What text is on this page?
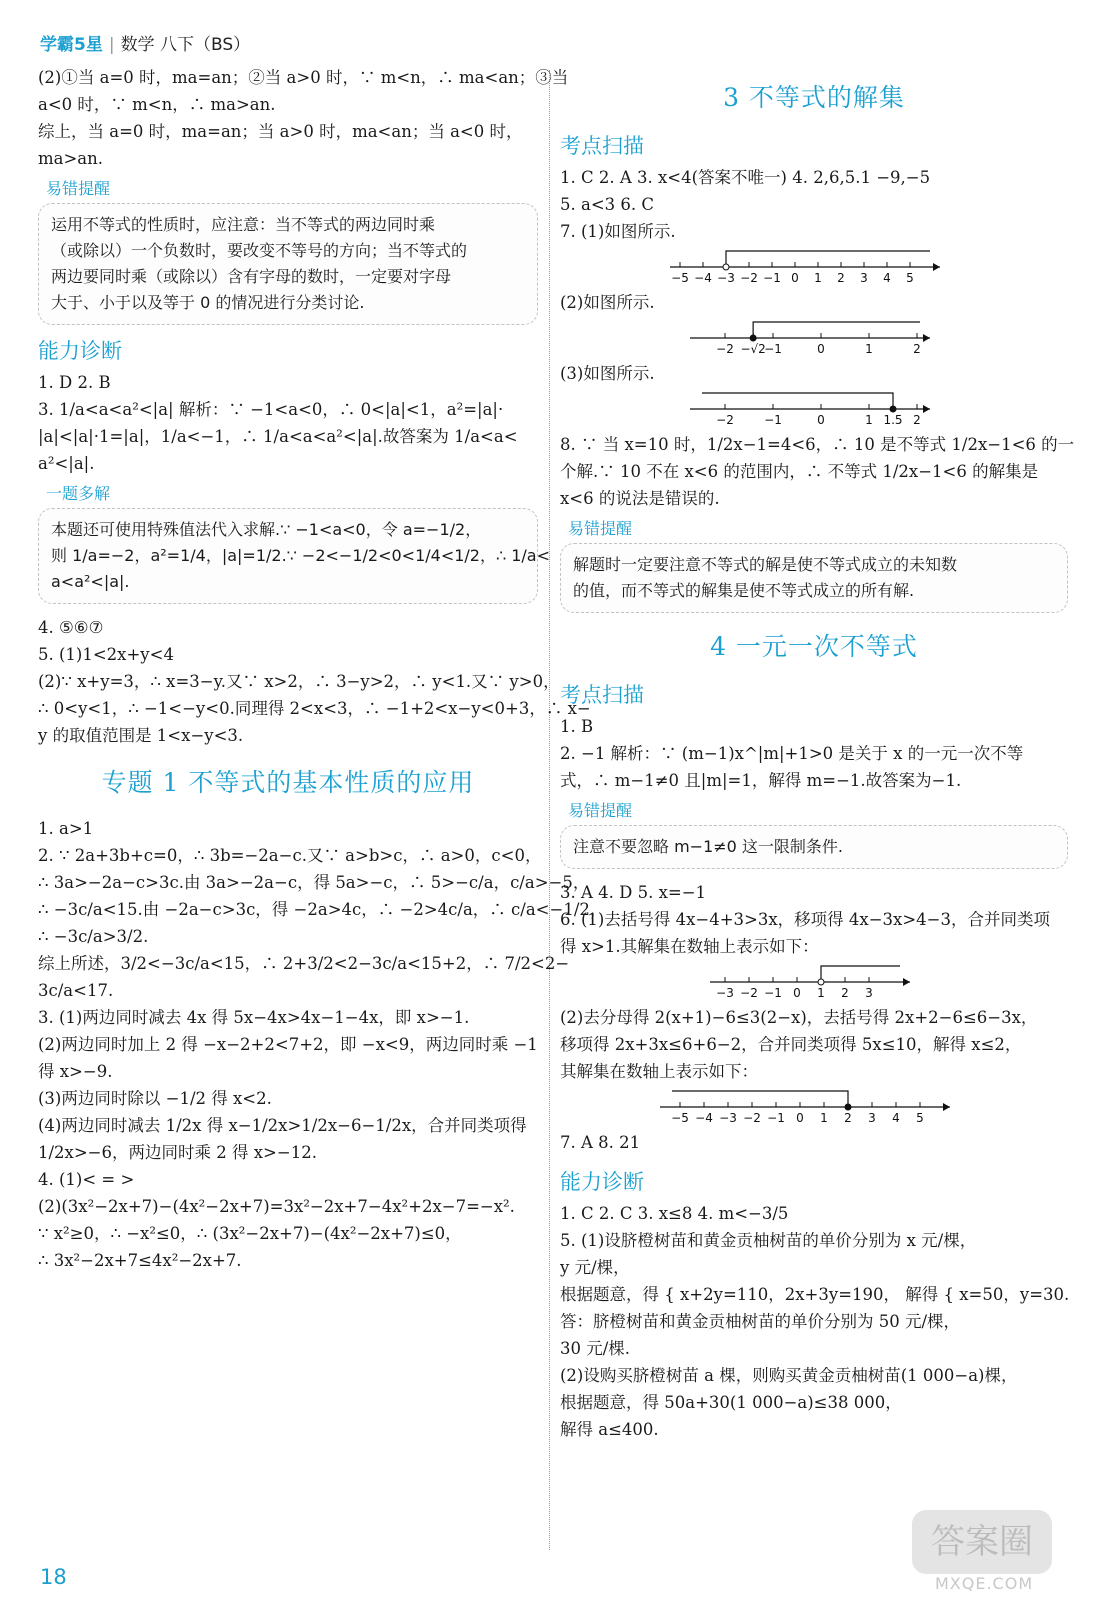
学霸5星 | 数学 八下（BS）
(2)①当 a=0 时，ma=an；②当 a>0 时，∵ m<n，∴ ma<an；③当
a<0 时，∵ m<n，∴ ma>an.
综上，当 a=0 时，ma=an；当 a>0 时，ma<an；当 a<0 时，
ma>an.
易错提醒
运用不等式的性质时，应注意：当不等式的两边同时乘
（或除以）一个负数时，要改变不等号的方向；当不等式的
两边要同时乘（或除以）含有字母的数时，一定要对字母
大于、小于以及等于 0 的情况进行分类讨论.
能力诊断
1. D 2. B
3. 1/a<a<a²<|a| 解析：∵ −1<a<0，∴ 0<|a|<1，a²=|a|·
|a|<|a|·1=|a|，1/a<−1，∴ 1/a<a<a²<|a|.故答案为 1/a<a<
a²<|a|.
一题多解
本题还可使用特殊值法代入求解.∵ −1<a<0，令 a=−1/2，
则 1/a=−2，a²=1/4，|a|=1/2.∵ −2<−1/2<0<1/4<1/2，∴ 1/a<
a<a²<|a|.
4. ⑤⑥⑦
5. (1)1<2x+y<4
(2)∵ x+y=3，∴ x=3−y.又∵ x>2，∴ 3−y>2，∴ y<1.又∵ y>0，
∴ 0<y<1，∴ −1<−y<0.同理得 2<x<3，∴ −1+2<x−y<0+3，∴ x−
y 的取值范围是 1<x−y<3.
专题 1 不等式的基本性质的应用
1. a>1
2. ∵ 2a+3b+c=0，∴ 3b=−2a−c.又∵ a>b>c，∴ a>0，c<0，
∴ 3a>−2a−c>3c.由 3a>−2a−c，得 5a>−c，∴ 5>−c/a，c/a>−5，
∴ −3c/a<15.由 −2a−c>3c，得 −2a>4c，∴ −2>4c/a，∴ c/a<−1/2，
∴ −3c/a>3/2.
综上所述，3/2<−3c/a<15，∴ 2+3/2<2−3c/a<15+2，∴ 7/2<2−
3c/a<17.
3. (1)两边同时减去 4x 得 5x−4x>4x−1−4x，即 x>−1.
(2)两边同时加上 2 得 −x−2+2<7+2，即 −x<9，两边同时乘 −1
得 x>−9.
(3)两边同时除以 −1/2 得 x<2.
(4)两边同时减去 1/2x 得 x−1/2x>1/2x−6−1/2x，合并同类项得
1/2x>−6，两边同时乘 2 得 x>−12.
4. (1)< = >
(2)(3x²−2x+7)−(4x²−2x+7)=3x²−2x+7−4x²+2x−7=−x².
∵ x²≥0，∴ −x²≤0，∴ (3x²−2x+7)−(4x²−2x+7)≤0，
∴ 3x²−2x+7≤4x²−2x+7.
3 不等式的解集
考点扫描
1. C 2. A 3. x<4(答案不唯一) 4. 2,6,5.1 −9,−5
5. a<3 6. C
7. (1)如图所示.
−5 −4 −3 −2 −1 0 1 2 3 4 5
(2)如图所示.
−2 −√2
−1	0	1	2
(3)如图所示.
−2	−1	0	1 1.5 2
8. ∵ 当 x=10 时，1/2x−1=4<6，∴ 10 是不等式 1/2x−1<6 的一
个解.∵ 10 不在 x<6 的范围内，∴ 不等式 1/2x−1<6 的解集是
x<6 的说法是错误的.
易错提醒
解题时一定要注意不等式的解是使不等式成立的未知数
的值，而不等式的解集是使不等式成立的所有解.
4 一元一次不等式
考点扫描
1. B
2. −1 解析：∵ (m−1)x^|m|+1>0 是关于 x 的一元一次不等
式，∴ m−1≠0 且|m|=1，解得 m=−1.故答案为−1.
易错提醒
注意不要忽略 m−1≠0 这一限制条件.
3. A 4. D 5. x=−1
6. (1)去括号得 4x−4+3>3x，移项得 4x−3x>4−3，合并同类项
得 x>1.其解集在数轴上表示如下：
−3 −2 −1 0 1 2 3
(2)去分母得 2(x+1)−6≤3(2−x)，去括号得 2x+2−6≤6−3x，
移项得 2x+3x≤6+6−2，合并同类项得 5x≤10，解得 x≤2，
其解集在数轴上表示如下：
−5 −4 −3 −2 −1 0 1 2 3 4 5
7. A 8. 21
能力诊断
1. C 2. C 3. x≤8 4. m<−3/5
5. (1)设脐橙树苗和黄金贡柚树苗的单价分别为 x 元/棵，
y 元/棵，
根据题意，得 { x+2y=110，2x+3y=190， 解得 { x=50，y=30.
答：脐橙树苗和黄金贡柚树苗的单价分别为 50 元/棵，
30 元/棵.
(2)设购买脐橙树苗 a 棵，则购买黄金贡柚树苗(1 000−a)棵，
根据题意，得 50a+30(1 000−a)≤38 000，
解得 a≤400.
18
答案圈
MXQE.COM
